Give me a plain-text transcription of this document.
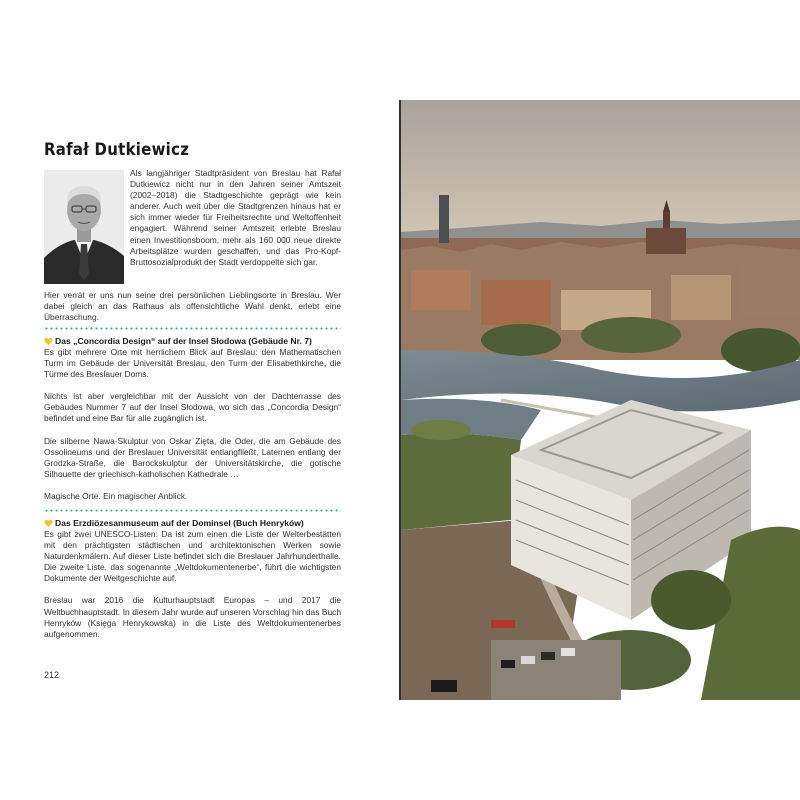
Rafał Dutkiewicz
Als langjähriger Stadtpräsident von Breslau hat Rafał Dutkiewicz nicht nur in den Jahren seiner Amtszeit (2002–2018) die Stadtgeschichte geprägt wie kein anderer. Auch weit über die Stadtgrenzen hinaus hat er sich immer wieder für Freiheitsrechte und Weltoffenheit engagiert. Während seiner Amtszeit erlebte Breslau einen Investitionsboom, mehr als 160 000 neue direkte Arbeitsplätze wurden geschaffen, und das Pro-Kopf-Bruttosozialprodukt der Stadt verdoppelte sich gar.
Hier verrät er uns nun seine drei persönlichen Lieblingsorte in Breslau. Wer dabei gleich an das Rathaus als offensichtliche Wahl denkt, erlebt eine Überraschung.
Das „Concordia Design“ auf der Insel Słodowa (Gebäude Nr. 7)
Es gibt mehrere Orte mit herrlichem Blick auf Breslau: den Mathematischen Turm im Gebäude der Universität Breslau, den Turm der Elisabethkirche, die Türme des Breslauer Doms.
Nichts ist aber vergleichbar mit der Aussicht von der Dachterrasse des Gebäudes Nummer 7 auf der Insel Słodowa, wo sich das „Concordia Design“ befindet und eine Bar für alle zugänglich ist.
Die silberne Nawa-Skulptur von Oskar Zięta, die Oder, die am Gebäude des Ossolineums und der Breslauer Universität entlangfließt, Laternen entlang der Grodzka-Straße, die Barockskulptur der Universitätskirche, die gotische Silhouette der griechisch-katholischen Kathedrale …
Magische Orte. Ein magischer Anblick.
Das Erzdiözesanmuseum auf der Dominsel (Buch Henryków)
Es gibt zwei UNESCO-Listen: Da ist zum einen die Liste der Welterbestätten mit den prächtigsten städtischen und architektonischen Werken sowie Naturdenkmälern. Auf dieser Liste befindet sich die Breslauer Jahrhunderthalle. Die zweite Liste, das sogenannte „Weltdokumentenerbe“, führt die wichtigsten Dokumente der Weltgeschichte auf.
Breslau war 2016 die Kulturhauptstadt Europas – und 2017 die Weltbuchhauptstadt. In diesem Jahr wurde auf unseren Vorschlag hin das Buch Henryków (Księga Henrykowska) in die Liste des Weltdokumentenerbes aufgenommen.
212
